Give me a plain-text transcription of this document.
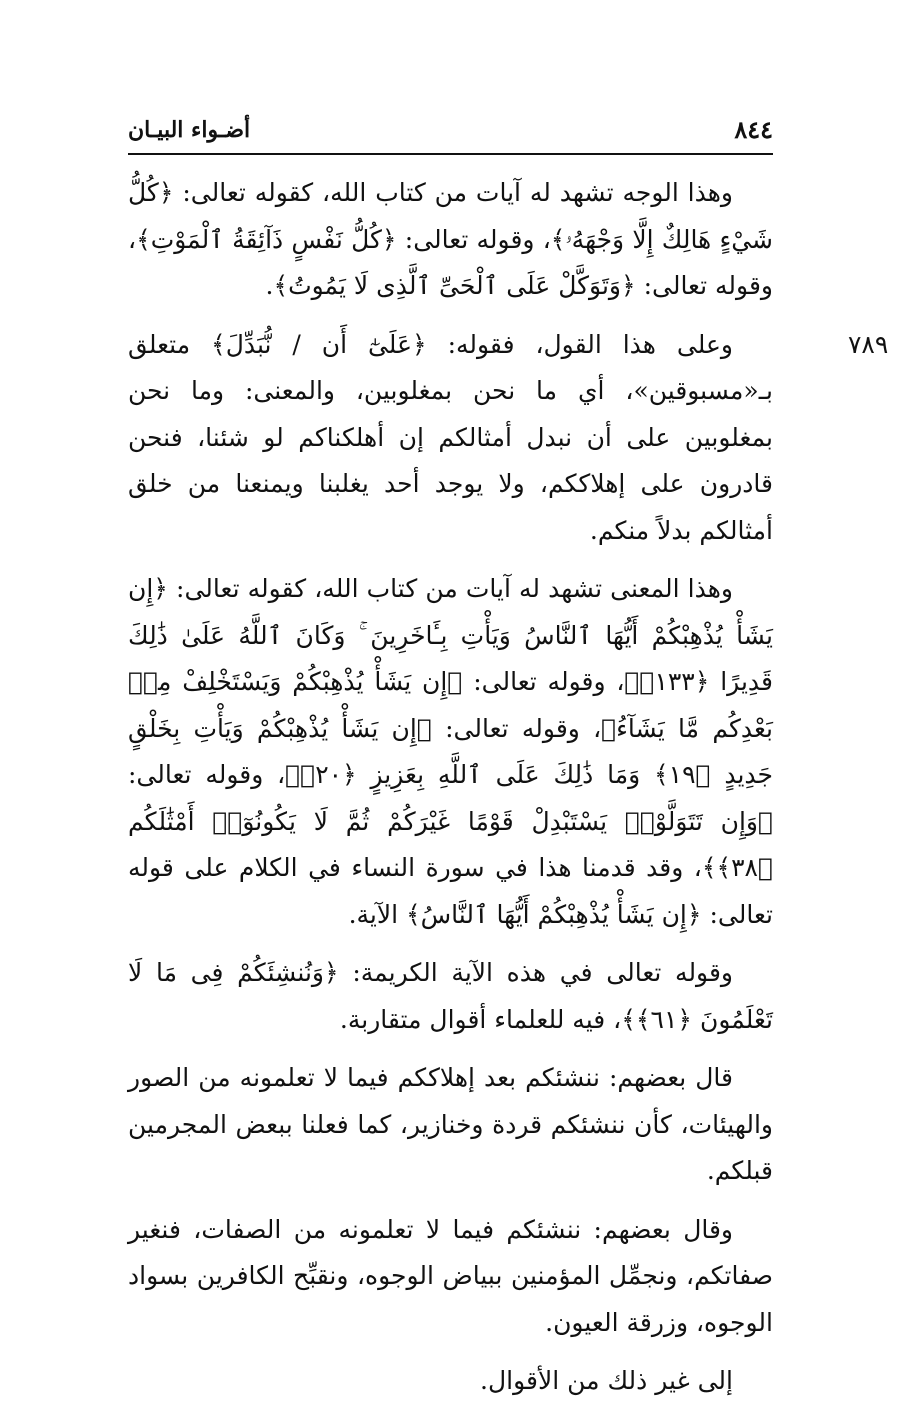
أضـواء البيـان	٨٤٤

وهذا الوجه تشهد له آيات من كتاب الله، كقوله تعالى: ﴿كُلُّ شَيْءٍ هَالِكٌ إِلَّا وَجْهَهُۥ﴾، وقوله تعالى: ﴿كُلُّ نَفْسٍ ذَآئِقَةُ ٱلْمَوْتِ﴾، وقوله تعالى: ﴿وَتَوَكَّلْ عَلَى ٱلْحَىِّ ٱلَّذِى لَا يَمُوتُ﴾.

٧٨٩
وعلى هذا القول، فقوله: ﴿عَلَىٰٓ أَن / نُّبَدِّلَ﴾ متعلق بـ«مسبوقين»، أي ما نحن بمغلوبين، والمعنى: وما نحن بمغلوبين على أن نبدل أمثالكم إن أهلكناكم لو شئنا، فنحن قادرون على إهلاككم، ولا يوجد أحد يغلبنا ويمنعنا من خلق أمثالكم بدلاً منكم.

وهذا المعنى تشهد له آيات من كتاب الله، كقوله تعالى: ﴿إِن يَشَأْ يُذْهِبْكُمْ أَيُّهَا ٱلنَّاسُ وَيَأْتِ بِـَٔاخَرِينَ ۚ وَكَانَ ٱللَّهُ عَلَىٰ ذَٰلِكَ قَدِيرًا ﴿١٣٣﴾﴾، وقوله تعالى: ﴿إِن يَشَأْ يُذْهِبْكُمْ وَيَسْتَخْلِفْ مِنۢ بَعْدِكُم مَّا يَشَآءُ﴾، وقوله تعالى: ﴿إِن يَشَأْ يُذْهِبْكُمْ وَيَأْتِ بِخَلْقٍ جَدِيدٍ ﴿١٩﴾ وَمَا ذَٰلِكَ عَلَى ٱللَّهِ بِعَزِيزٍ ﴿٢٠﴾﴾، وقوله تعالى: ﴿وَإِن تَتَوَلَّوْا۟ يَسْتَبْدِلْ قَوْمًا غَيْرَكُمْ ثُمَّ لَا يَكُونُوٓا۟ أَمْثَٰلَكُم ﴿٣٨﴾﴾، وقد قدمنا هذا في سورة النساء في الكلام على قوله تعالى: ﴿إِن يَشَأْ يُذْهِبْكُمْ أَيُّهَا ٱلنَّاسُ﴾ الآية.

وقوله تعالى في هذه الآية الكريمة: ﴿وَنُنشِئَكُمْ فِى مَا لَا تَعْلَمُونَ ﴿٦١﴾﴾، فيه للعلماء أقوال متقاربة.

قال بعضهم: ننشئكم بعد إهلاككم فيما لا تعلمونه من الصور والهيئات، كأن ننشئكم قردة وخنازير، كما فعلنا ببعض المجرمين قبلكم.

وقال بعضهم: ننشئكم فيما لا تعلمونه من الصفات، فنغير صفاتكم، ونجمِّل المؤمنين ببياض الوجوه، ونقبِّح الكافرين بسواد الوجوه، وزرقة العيون.

إلى غير ذلك من الأقوال.
